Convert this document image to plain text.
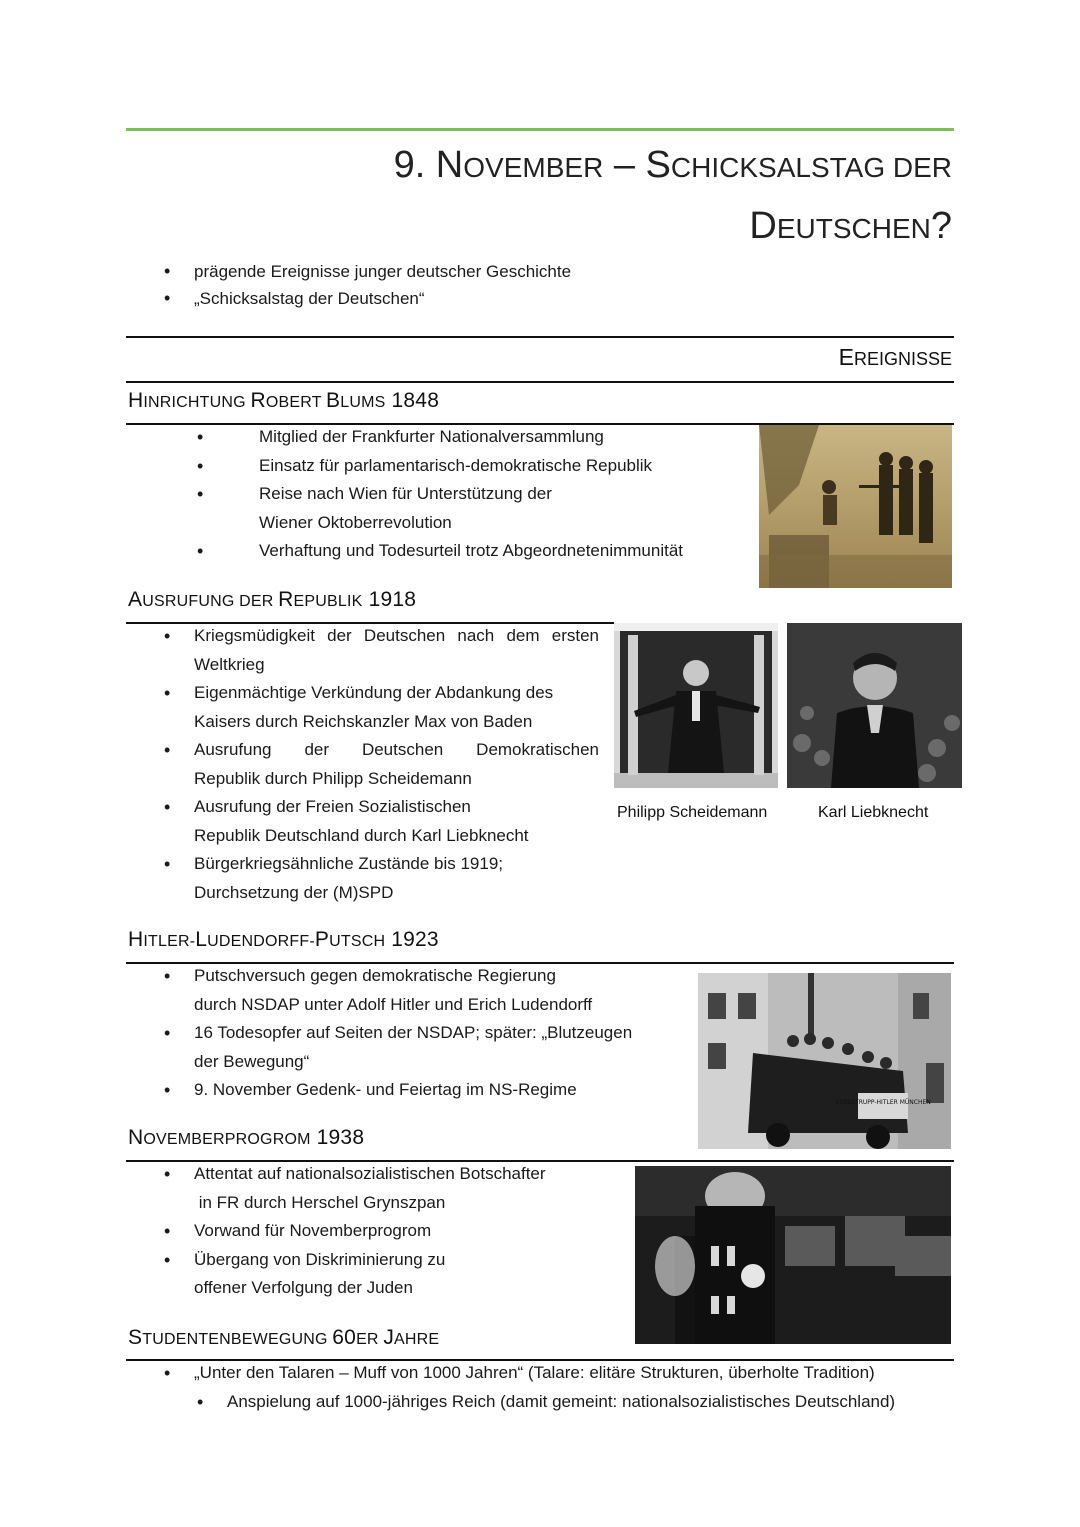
9. NOVEMBER – SCHICKSALSTAG DER
DEUTSCHEN?
• prägende Ereignisse junger deutscher Geschichte
• „Schicksalstag der Deutschen“
EREIGNISSE
HINRICHTUNG ROBERT BLUMS 1848
• Mitglied der Frankfurter Nationalversammlung
• Einsatz für parlamentarisch-demokratische Republik
• Reise nach Wien für Unterstützung der
Wiener Oktoberrevolution
• Verhaftung und Todesurteil trotz Abgeordnetenimmunität
AUSRUFUNG DER REPUBLIK 1918
• Kriegsmüdigkeit der Deutschen nach dem ersten
Weltkrieg
• Eigenmächtige Verkündung der Abdankung des
Kaisers durch Reichskanzler Max von Baden
• Ausrufung der Deutschen Demokratischen
Republik durch Philipp Scheidemann
• Ausrufung der Freien Sozialistischen
Republik Deutschland durch Karl Liebknecht
• Bürgerkriegsähnliche Zustände bis 1919;
Durchsetzung der (M)SPD
Philipp Scheidemann	Karl Liebknecht
HITLER-LUDENDORFF-PUTSCH 1923
• Putschversuch gegen demokratische Regierung
durch NSDAP unter Adolf Hitler und Erich Ludendorff
• 16 Todesopfer auf Seiten der NSDAP; später: „Blutzeugen
der Bewegung“
• 9. November Gedenk- und Feiertag im NS-Regime
STOSSTRUPP-HITLER MÜNCHEN
NOVEMBERPROGROM 1938
• Attentat auf nationalsozialistischen Botschafter
in FR durch Herschel Grynszpan
• Vorwand für Novemberprogrom
• Übergang von Diskriminierung zu
offener Verfolgung der Juden
STUDENTENBEWEGUNG 60ER JAHRE
• „Unter den Talaren – Muff von 1000 Jahren“ (Talare: elitäre Strukturen, überholte Tradition)
• Anspielung auf 1000-jähriges Reich (damit gemeint: nationalsozialistisches Deutschland)
